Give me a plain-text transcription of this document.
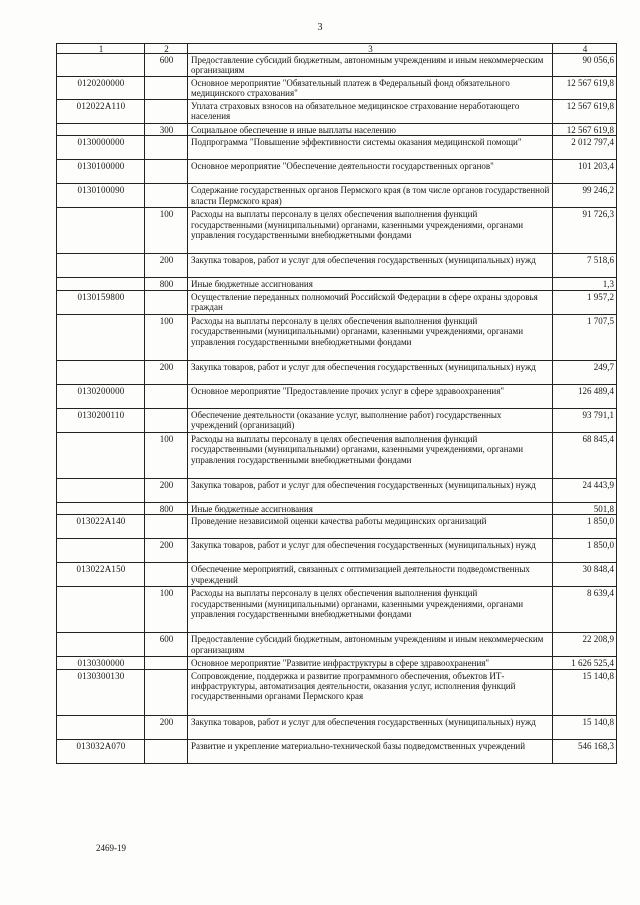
3
1	2	3	4
	600	Предоставление субсидий бюджетным, автономным учреждениям и иным некоммерческим организациям	90 056,6
0120200000		Основное мероприятие "Обязательный платеж в Федеральный фонд обязательного медицинского страхования"	12 567 619,8
012022А110		Уплата страховых взносов на обязательное медицинское страхование неработающего населения	12 567 619,8
	300	Социальное обеспечение и иные выплаты населению	12 567 619,8
0130000000		Подпрограмма "Повышение эффективности системы оказания медицинской помощи"	2 012 797,4
0130100000		Основное мероприятие "Обеспечение деятельности государственных органов"	101 203,4
0130100090		Содержание государственных органов Пермского края (в том числе органов государственной власти Пермского края)	99 246,2
	100	Расходы на выплаты персоналу в целях обеспечения выполнения функций государственными (муниципальными) органами, казенными учреждениями, органами управления государственными внебюджетными фондами	91 726,3
	200	Закупка товаров, работ и услуг для обеспечения государственных (муниципальных) нужд	7 518,6
	800	Иные бюджетные ассигнования	1,3
0130159800		Осуществление переданных полномочий Российской Федерации в сфере охраны здоровья граждан	1 957,2
	100	Расходы на выплаты персоналу в целях обеспечения выполнения функций государственными (муниципальными) органами, казенными учреждениями, органами управления государственными внебюджетными фондами	1 707,5
	200	Закупка товаров, работ и услуг для обеспечения государственных (муниципальных) нужд	249,7
0130200000		Основное мероприятие "Предоставление прочих услуг в сфере здравоохранения"	126 489,4
0130200110		Обеспечение деятельности (оказание услуг, выполнение работ) государственных учреждений (организаций)	93 791,1
	100	Расходы на выплаты персоналу в целях обеспечения выполнения функций государственными (муниципальными) органами, казенными учреждениями, органами управления государственными внебюджетными фондами	68 845,4
	200	Закупка товаров, работ и услуг для обеспечения государственных (муниципальных) нужд	24 443,9
	800	Иные бюджетные ассигнования	501,8
013022А140		Проведение независимой оценки качества работы медицинских организаций	1 850,0
	200	Закупка товаров, работ и услуг для обеспечения государственных (муниципальных) нужд	1 850,0
013022А150		Обеспечение мероприятий, связанных с оптимизацией деятельности подведомственных учреждений	30 848,4
	100	Расходы на выплаты персоналу в целях обеспечения выполнения функций государственными (муниципальными) органами, казенными учреждениями, органами управления государственными внебюджетными фондами	8 639,4
	600	Предоставление субсидий бюджетным, автономным учреждениям и иным некоммерческим организациям	22 208,9
0130300000		Основное мероприятие "Развитие инфраструктуры в сфере здравоохранения"	1 626 525,4
0130300130		Сопровождение, поддержка и развитие программного обеспечения, объектов ИТ-инфраструктуры, автоматизация деятельности, оказания услуг, исполнения функций государственными органами Пермского края	15 140,8
	200	Закупка товаров, работ и услуг для обеспечения государственных (муниципальных) нужд	15 140,8
013032А070		Развитие и укрепление материально-технической базы подведомственных учреждений	546 168,3
2469-19
